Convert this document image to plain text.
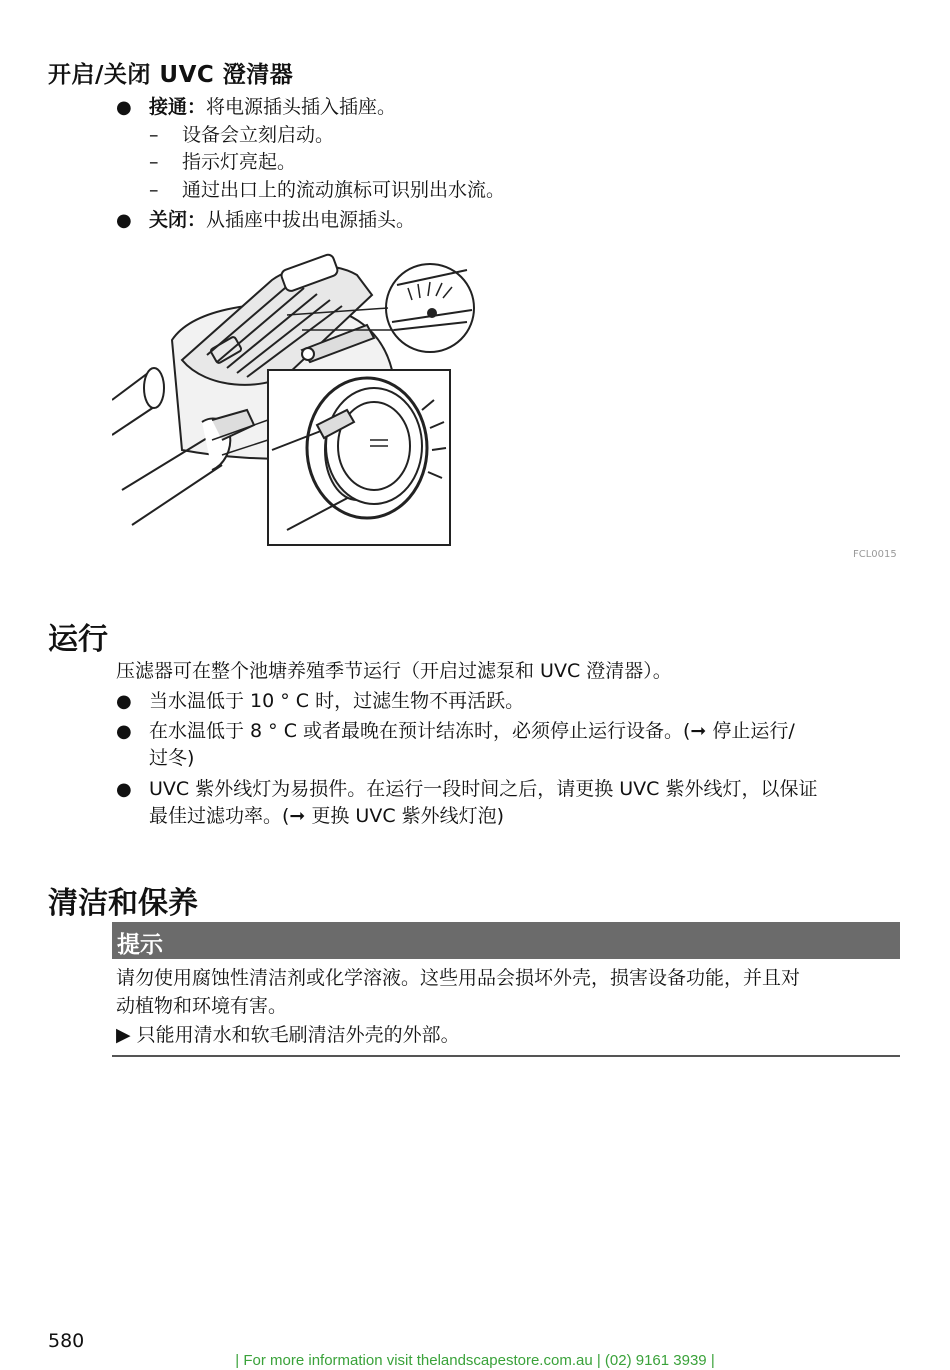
开启/关闭 UVC 澄清器
● 接通：将电源插头插入插座。
– 设备会立刻启动。
– 指示灯亮起。
– 通过出口上的流动旗标可识别出水流。
● 关闭：从插座中拔出电源插头。
FCL0015
运行
压滤器可在整个池塘养殖季节运行（开启过滤泵和 UVC 澄清器）。
● 当水温低于 10 ° C 时，过滤生物不再活跃。
● 在水温低于 8 ° C 或者最晚在预计结冻时，必须停止运行设备。(➞ 停止运行/
过冬)
● UVC 紫外线灯为易损件。在运行一段时间之后，请更换 UVC 紫外线灯，以保证
最佳过滤功率。(➞ 更换 UVC 紫外线灯泡)
清洁和保养
提示
请勿使用腐蚀性清洁剂或化学溶液。这些用品会损坏外壳，损害设备功能，并且对
动植物和环境有害。
▶ 只能用清水和软毛刷清洁外壳的外部。
580
| For more information visit thelandscapestore.com.au | (02) 9161 3939 |
